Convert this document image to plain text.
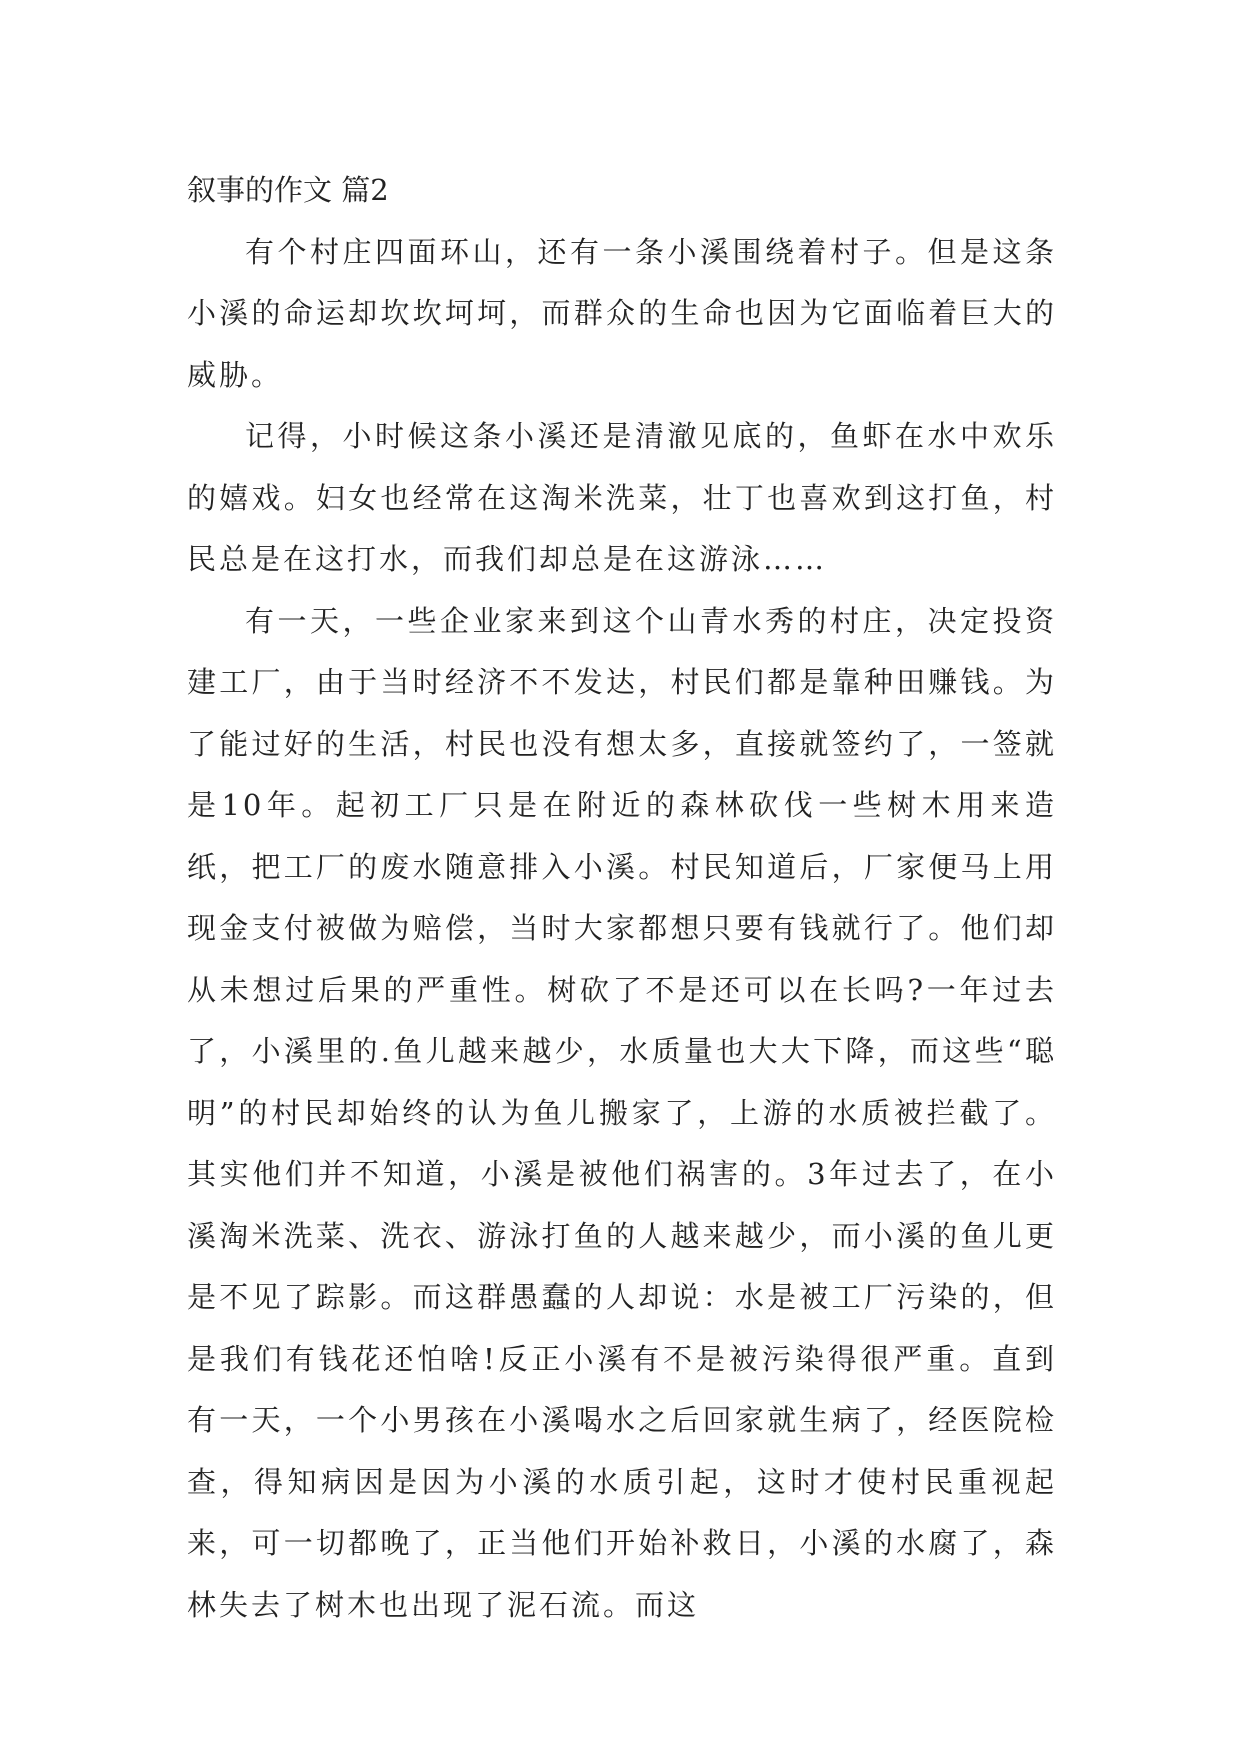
叙事的作文 篇2

有个村庄四面环山，还有一条小溪围绕着村子。但是这条小溪的命运却坎坎坷坷，而群众的生命也因为它面临着巨大的威胁。

记得，小时候这条小溪还是清澈见底的，鱼虾在水中欢乐的嬉戏。妇女也经常在这淘米洗菜，壮丁也喜欢到这打鱼，村民总是在这打水，而我们却总是在这游泳……

有一天，一些企业家来到这个山青水秀的村庄，决定投资建工厂，由于当时经济不不发达，村民们都是靠种田赚钱。为了能过好的生活，村民也没有想太多，直接就签约了，一签就是10年。起初工厂只是在附近的森林砍伐一些树木用来造纸，把工厂的废水随意排入小溪。村民知道后，厂家便马上用现金支付被做为赔偿，当时大家都想只要有钱就行了。他们却从未想过后果的严重性。树砍了不是还可以在长吗?一年过去了，小溪里的.鱼儿越来越少，水质量也大大下降，而这些“聪明”的村民却始终的认为鱼儿搬家了，上游的水质被拦截了。其实他们并不知道，小溪是被他们祸害的。3年过去了，在小溪淘米洗菜、洗衣、游泳打鱼的人越来越少，而小溪的鱼儿更是不见了踪影。而这群愚蠢的人却说：水是被工厂污染的，但是我们有钱花还怕啥!反正小溪有不是被污染得很严重。直到有一天，一个小男孩在小溪喝水之后回家就生病了，经医院检查，得知病因是因为小溪的水质引起，这时才使村民重视起来，可一切都晚了，正当他们开始补救日，小溪的水腐了，森林失去了树木也出现了泥石流。而这
